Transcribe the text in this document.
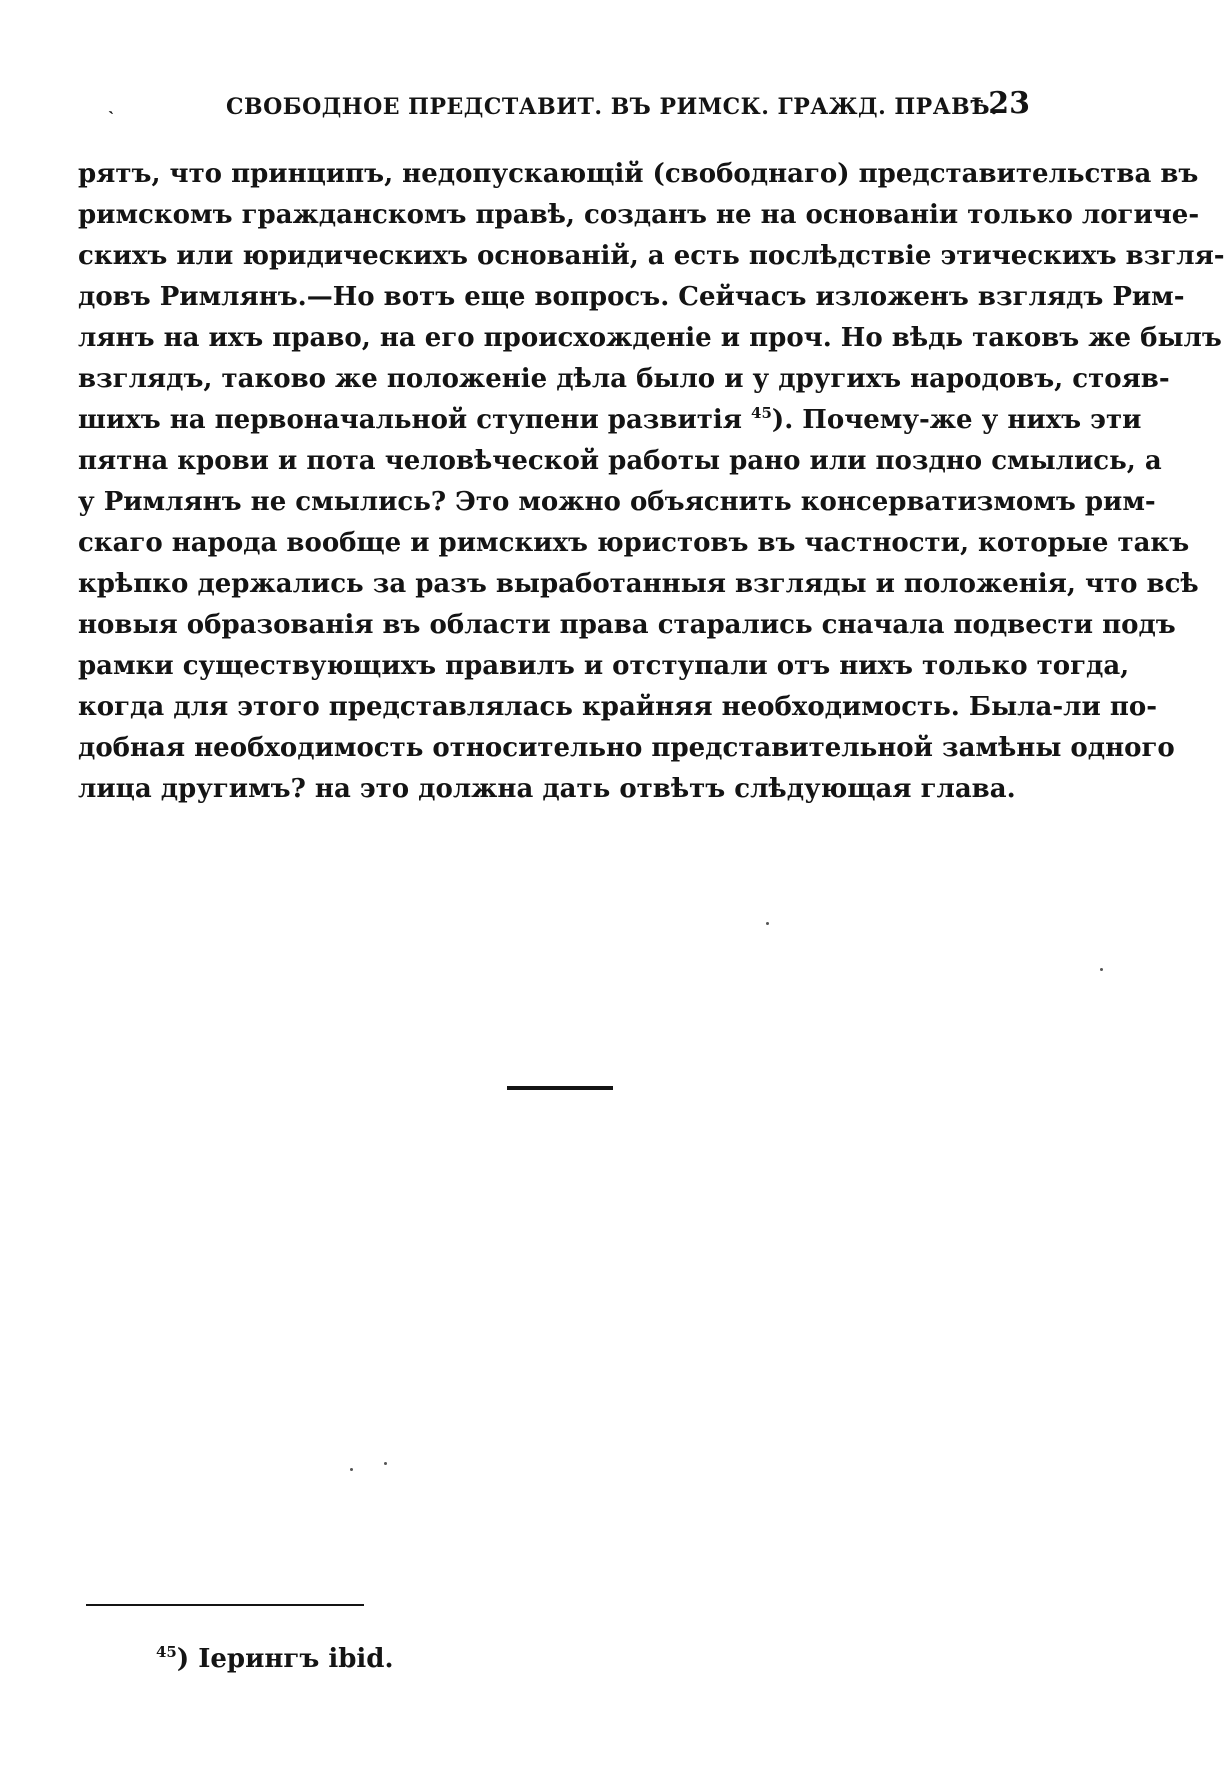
ˎ	СВОБОДНОЕ ПРЕДСТАВИТ. ВЪ РИМСК. ГРАЖД. ПРАВѢ.
23
рятъ, что принципъ, недопускающій (свободнаго) представительства въ
римскомъ гражданскомъ правѣ, созданъ не на основаніи только логиче-
скихъ или юридическихъ основаній, а есть послѣдствіе этическихъ взгля-
довъ Римлянъ.—Но вотъ еще вопросъ. Сейчасъ изложенъ взглядъ Рим-
лянъ на ихъ право, на его происхожденіе и проч. Но вѣдь таковъ же былъ
взглядъ, таково же положеніе дѣла было и у другихъ народовъ, стояв-
шихъ на первоначальной ступени развитія $^{45}$). Почему-же у нихъ эти
пятна крови и пота человѣческой работы рано или поздно смылись, а
у Римлянъ не смылись? Это можно объяснить консерватизмомъ рим-
скаго народа вообще и римскихъ юристовъ въ частности, которые такъ
крѣпко держались за разъ выработанныя взгляды и положенія, что всѣ
новыя образованія въ области права старались сначала подвести подъ
рамки существующихъ правилъ и отступали отъ нихъ только тогда,
когда для этого представлялась крайняя необходимость. Была-ли по-
добная необходимость относительно представительной замѣны одного
лица другимъ? на это должна дать отвѣтъ слѣдующая глава.
$^{45}$) Іерингъ ibid.
